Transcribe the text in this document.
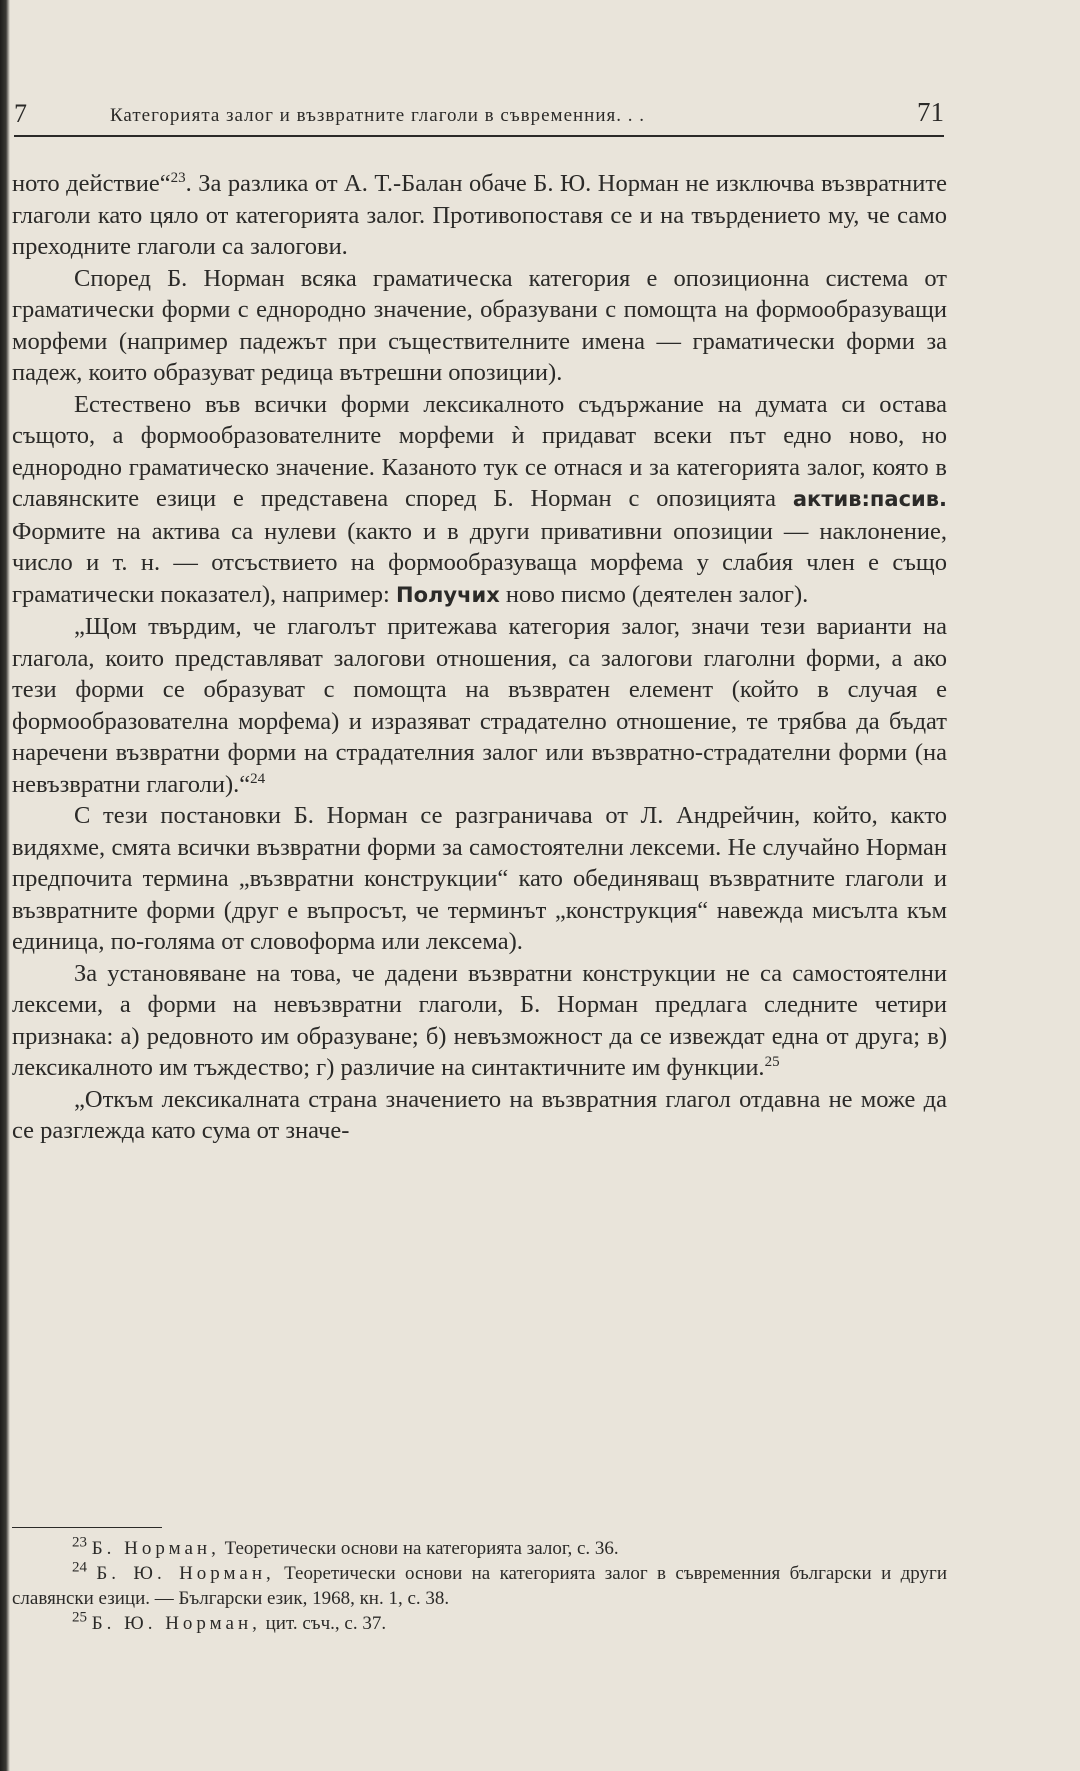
7	Категорията залог и възвратните глаголи в съвременния. . .	71

ното действие“$^{23}$. За разлика от А. Т.-Балан обаче Б. Ю. Норман не изключва възвратните глаголи като цяло от категорията залог. Противопоставя се и на твърдението му, че само преходните глаголи са залогови.

Според Б. Норман всяка граматическа категория е опозиционна система от граматически форми с еднородно значение, образувани с помощта на формообразуващи морфеми (например падежът при съществителните имена — граматически форми за падеж, които образуват редица вътрешни опозиции).

Естествено във всички форми лексикалното съдържание на думата си остава същото, а формообразователните морфеми ѝ придават всеки път едно ново, но еднородно граматическо значение. Казаното тук се отнася и за категорията залог, която в славянските езици е представена според Б. Норман с опозицията актив:пасив. Формите на актива са нулеви (както и в други привативни опозиции — наклонение, число и т. н. — отсъствието на формообразуваща морфема у слабия член е също граматически показател), например: Получих ново писмо (деятелен залог).

„Щом твърдим, че глаголът притежава категория залог, значи тези варианти на глагола, които представляват залогови отношения, са залогови глаголни форми, а ако тези форми се образуват с помощта на възвратен елемент (който в случая е формообразователна морфема) и изразяват страдателно отношение, те трябва да бъдат наречени възвратни форми на страдателния залог или възвратно-страдателни форми (на невъзвратни глаголи).“$^{24}$

С тези постановки Б. Норман се разграничава от Л. Андрейчин, който, както видяхме, смята всички възвратни форми за самостоятелни лексеми. Не случайно Норман предпочита термина „възвратни конструкции“ като обединяващ възвратните глаголи и възвратните форми (друг е въпросът, че терминът „конструкция“ навежда мисълта към единица, по-голяма от словоформа или лексема).

За установяване на това, че дадени възвратни конструкции не са самостоятелни лексеми, а форми на невъзвратни глаголи, Б. Норман предлага следните четири признака: а) редовното им образуване; б) невъзможност да се извеждат една от друга; в) лексикалното им тъждество; г) различие на синтактичните им функции.$^{25}$

„Откъм лексикалната страна значението на възвратния глагол отдавна не може да се разглежда като сума от значе-

$^{23}$ Б. Норман, Теоретически основи на категорията залог, с. 36.

$^{24}$ Б. Ю. Норман, Теоретически основи на категорията залог в съвременния български и други славянски езици. — Български език, 1968, кн. 1, с. 38.

$^{25}$ Б. Ю. Норман, цит. съч., с. 37.
